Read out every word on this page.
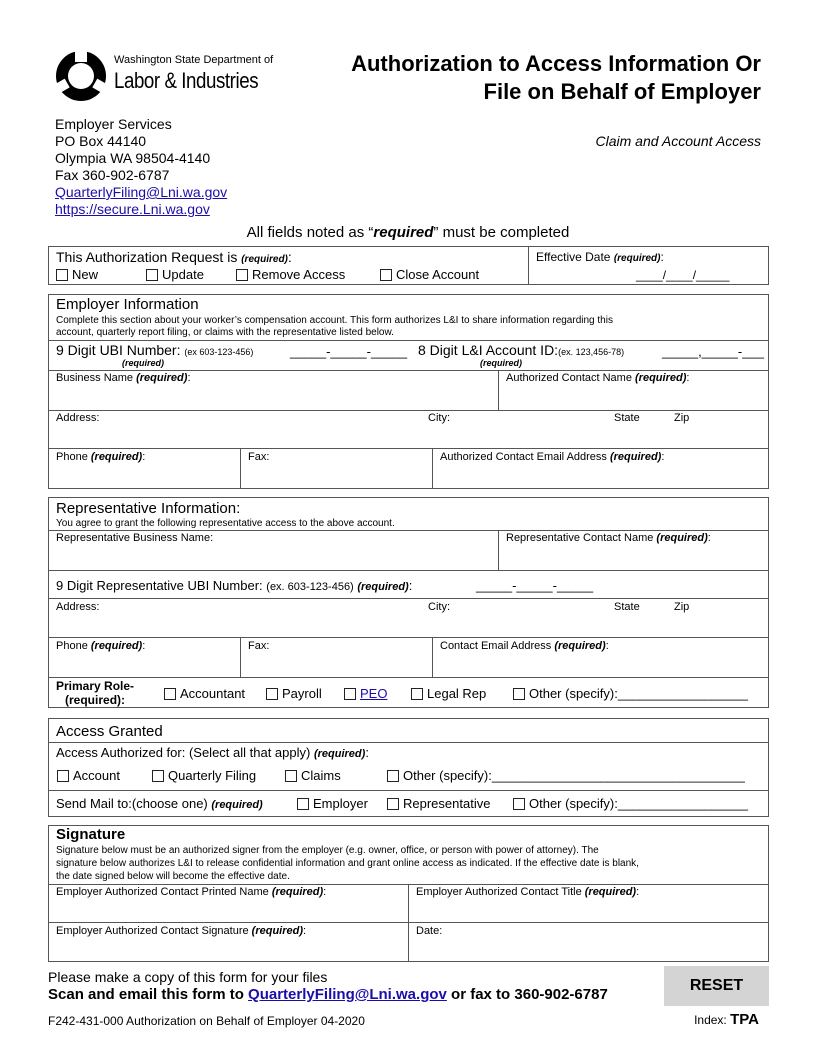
Washington State Department of
Labor & Industries
Authorization to Access Information Or
File on Behalf of Employer
Employer Services
PO Box 44140
Olympia WA 98504-4140
Fax 360-902-6787
QuarterlyFiling@Lni.wa.gov
https://secure.Lni.wa.gov
Claim and Account Access
All fields noted as “required” must be completed
This Authorization Request is (required):
New	Update	Remove Access	Close Account
Effective Date (required):
____/____/_____
Employer Information
Complete this section about your worker’s compensation account. This form authorizes L&I to share information regarding this
account, quarterly report filing, or claims with the representative listed below.
9 Digit UBI Number: (ex 603-123-456)
(required)
_____-_____-_____ 8 Digit L&I Account ID:(ex. 123,456-78)
(required)
_____,_____-___
Business Name (required):	Authorized Contact Name (required):
Address:	City:	State	Zip
Phone (required):	Fax:	Authorized Contact Email Address (required):
Representative Information:
You agree to grant the following representative access to the above account.
Representative Business Name:	Representative Contact Name (required):
9 Digit Representative UBI Number: (ex. 603-123-456) (required):	_____-_____-_____
Address:	City:	State	Zip
Phone (required):	Fax:	Contact Email Address (required):
Primary Role-
(required):	Accountant	Payroll	PEO	Legal Rep	Other (specify):__________________
Access Granted
Access Authorized for: (Select all that apply) (required):
Account	Quarterly Filing	Claims	Other (specify):___________________________________
Send Mail to:(choose one) (required)	Employer	Representative	Other (specify):__________________
Signature
Signature below must be an authorized signer from the employer (e.g. owner, office, or person with power of attorney). The
signature below authorizes L&I to release confidential information and grant online access as indicated. If the effective date is blank,
the date signed below will become the effective date.
Employer Authorized Contact Printed Name (required):	Employer Authorized Contact Title (required):
Employer Authorized Contact Signature (required):	Date:
Please make a copy of this form for your files
Scan and email this form to QuarterlyFiling@Lni.wa.gov or fax to 360-902-6787
RESET
F242-431-000 Authorization on Behalf of Employer 04-2020	Index: TPA
